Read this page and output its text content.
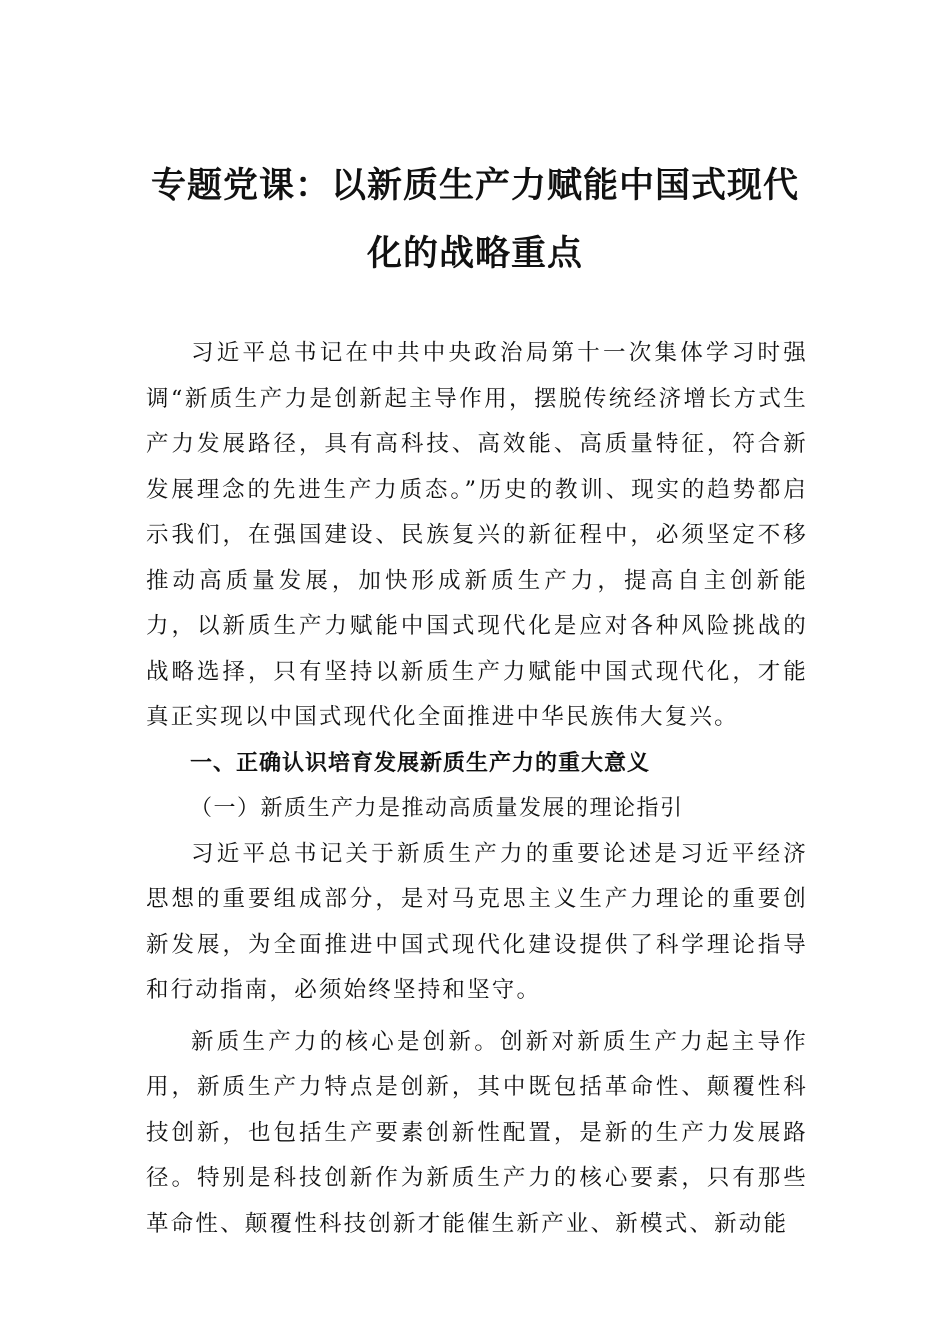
专题党课：以新质生产力赋能中国式现代
化的战略重点

习近平总书记在中共中央政治局第十一次集体学习时强调“新质生产力是创新起主导作用，摆脱传统经济增长方式生产力发展路径，具有高科技、高效能、高质量特征，符合新发展理念的先进生产力质态。”历史的教训、现实的趋势都启示我们，在强国建设、民族复兴的新征程中，必须坚定不移推动高质量发展，加快形成新质生产力，提高自主创新能力，以新质生产力赋能中国式现代化是应对各种风险挑战的战略选择，只有坚持以新质生产力赋能中国式现代化，才能真正实现以中国式现代化全面推进中华民族伟大复兴。

一、正确认识培育发展新质生产力的重大意义

（一）新质生产力是推动高质量发展的理论指引

习近平总书记关于新质生产力的重要论述是习近平经济思想的重要组成部分，是对马克思主义生产力理论的重要创新发展，为全面推进中国式现代化建设提供了科学理论指导和行动指南，必须始终坚持和坚守。

新质生产力的核心是创新。创新对新质生产力起主导作用，新质生产力特点是创新，其中既包括革命性、颠覆性科技创新，也包括生产要素创新性配置，是新的生产力发展路径。特别是科技创新作为新质生产力的核心要素，只有那些革命性、颠覆性科技创新才能催生新产业、新模式、新动能
